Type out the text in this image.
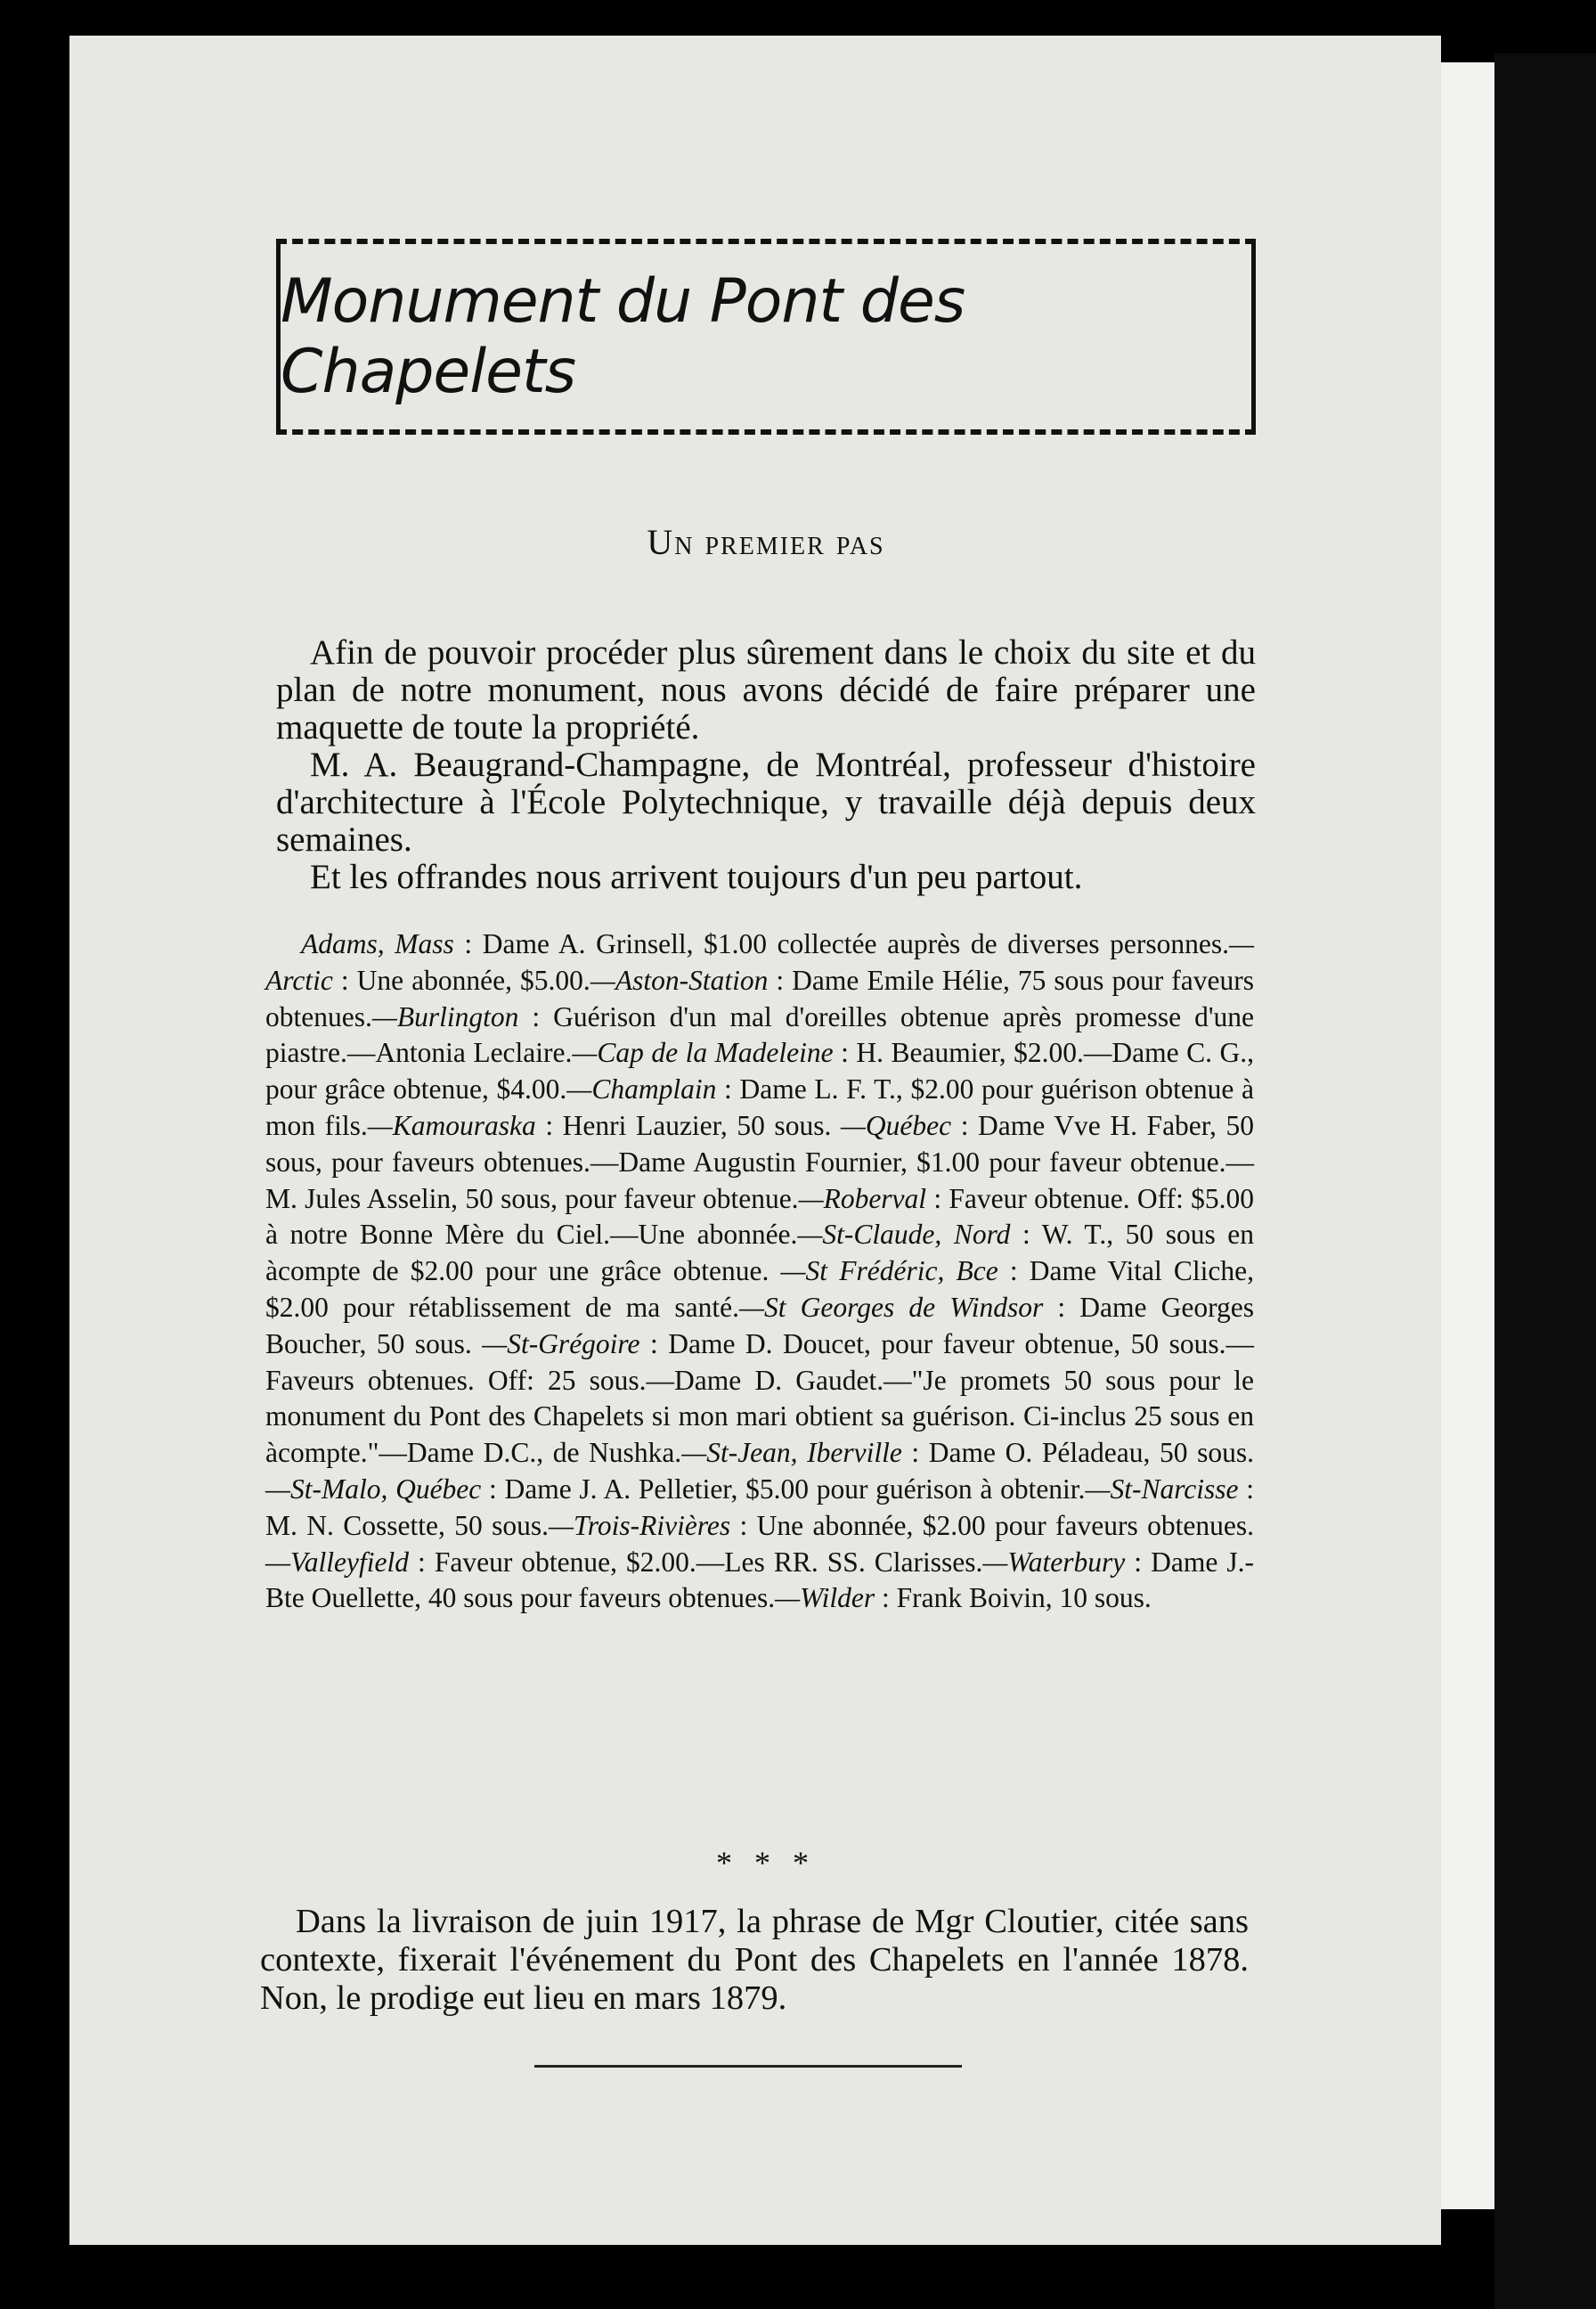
Monument du Pont des Chapelets
Un premier pas

Afin de pouvoir procéder plus sûrement dans le choix du site et du plan de notre monument, nous avons décidé de faire préparer une maquette de toute la propriété.

M. A. Beaugrand-Champagne, de Montréal, professeur d'histoire d'architecture à l'École Polytechnique, y travaille déjà depuis deux semaines.

Et les offrandes nous arrivent toujours d'un peu partout.

Adams, Mass : Dame A. Grinsell, $1.00 collectée auprès de diverses personnes.—Arctic : Une abonnée, $5.00.—Aston-Station : Dame Emile Hélie, 75 sous pour faveurs obtenues.—Burlington : Guérison d'un mal d'oreilles obtenue après promesse d'une piastre.—Antonia Leclaire.—Cap de la Madeleine : H. Beaumier, $2.00.—Dame C. G., pour grâce obtenue, $4.00.—Champlain : Dame L. F. T., $2.00 pour guérison obtenue à mon fils.—Kamouraska : Henri Lauzier, 50 sous. —Québec : Dame Vve H. Faber, 50 sous, pour faveurs obtenues.—Dame Augustin Fournier, $1.00 pour faveur obtenue.—M. Jules Asselin, 50 sous, pour faveur obtenue.—Roberval : Faveur obtenue. Off: $5.00 à notre Bonne Mère du Ciel.—Une abonnée.—St-Claude, Nord : W. T., 50 sous en àcompte de $2.00 pour une grâce obtenue. —St Frédéric, Bce : Dame Vital Cliche, $2.00 pour rétablissement de ma santé.—St Georges de Windsor : Dame Georges Boucher, 50 sous. —St-Grégoire : Dame D. Doucet, pour faveur obtenue, 50 sous.—Faveurs obtenues. Off: 25 sous.—Dame D. Gaudet.—"Je promets 50 sous pour le monument du Pont des Chapelets si mon mari obtient sa guérison. Ci-inclus 25 sous en àcompte."—Dame D.C., de Nushka.—St-Jean, Iberville : Dame O. Péladeau, 50 sous.—St-Malo, Québec : Dame J. A. Pelletier, $5.00 pour guérison à obtenir.—St-Narcisse : M. N. Cossette, 50 sous.—Trois-Rivières : Une abonnée, $2.00 pour faveurs obtenues.—Valleyfield : Faveur obtenue, $2.00.—Les RR. SS. Clarisses.—Waterbury : Dame J.-Bte Ouellette, 40 sous pour faveurs obtenues.—Wilder : Frank Boivin, 10 sous.

* * *

Dans la livraison de juin 1917, la phrase de Mgr Cloutier, citée sans contexte, fixerait l'événement du Pont des Chapelets en l'année 1878. Non, le prodige eut lieu en mars 1879.
